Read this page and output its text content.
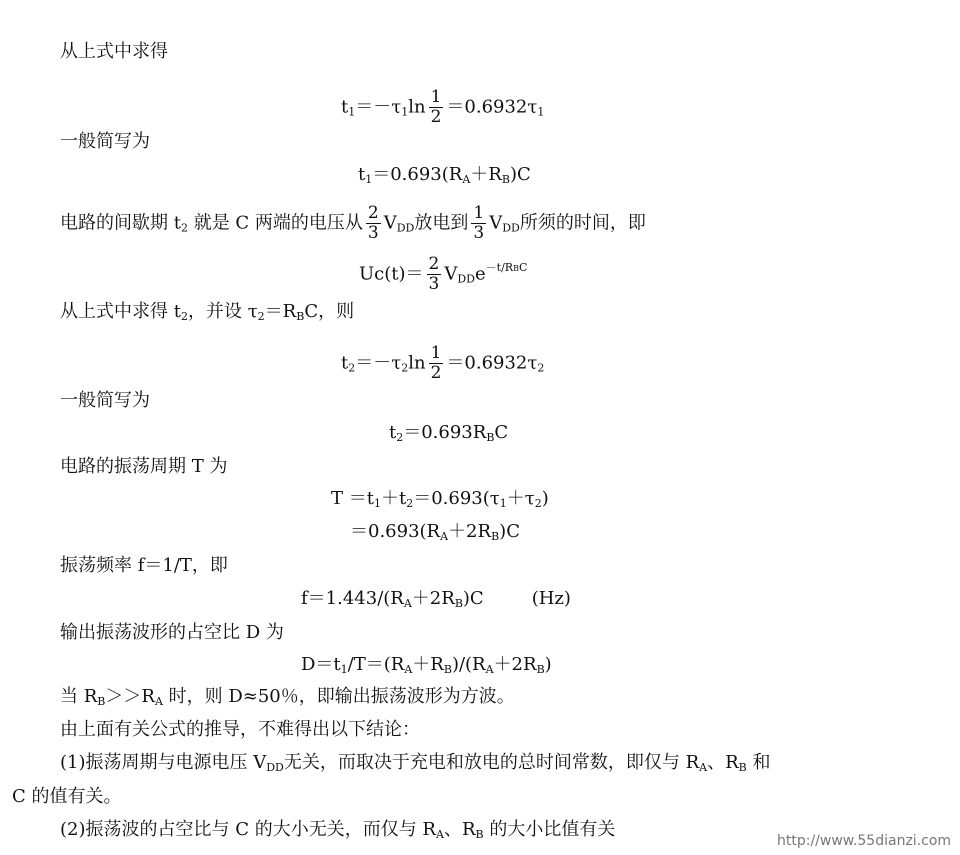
从上式中求得
$t_1=-\tau_1\ln \frac{1}{2} =0.6932\tau_1$
一般简写为
$t_1=0.693(R_A+R_B)C$
电路的间歇期 $t_2$ 就是 C 两端的电压从 $\frac{2}{3} V_{DD}$放电到 $\frac{1}{3} V_{DD}$所须的时间，即
$Uc(t)= \frac{2}{3} V_{DD}e^{-t/RBC}$
从上式中求得 $t_2$，并设 $\tau_2=R_BC$，则
$t_2=-\tau_2\ln \frac{1}{2} =0.6932\tau_2$
一般简写为
$t_2=0.693R_BC$
电路的振荡周期 T 为
$T =t_1+t_2=0.693(\tau_1+\tau_2)$
$=0.693(R_A+2R_B)C$
振荡频率 f＝1/T，即
$f=1.443/(R_A+2R_B)C$	(Hz)
输出振荡波形的占空比 D 为
$D=t_1/T=(R_A+R_B)/(R_A+2R_B)$
当 $R_B>>R_A$ 时，则 D≈50％，即输出振荡波形为方波。
由上面有关公式的推导，不难得出以下结论：
(1)振荡周期与电源电压 $V_{DD}$无关，而取决于充电和放电的总时间常数，即仅与 $R_A$、$R_B$ 和
C 的值有关。
(2)振荡波的占空比与 C 的大小无关，而仅与 $R_A$、$R_B$ 的大小比值有关
http://www.55dianzi.com
